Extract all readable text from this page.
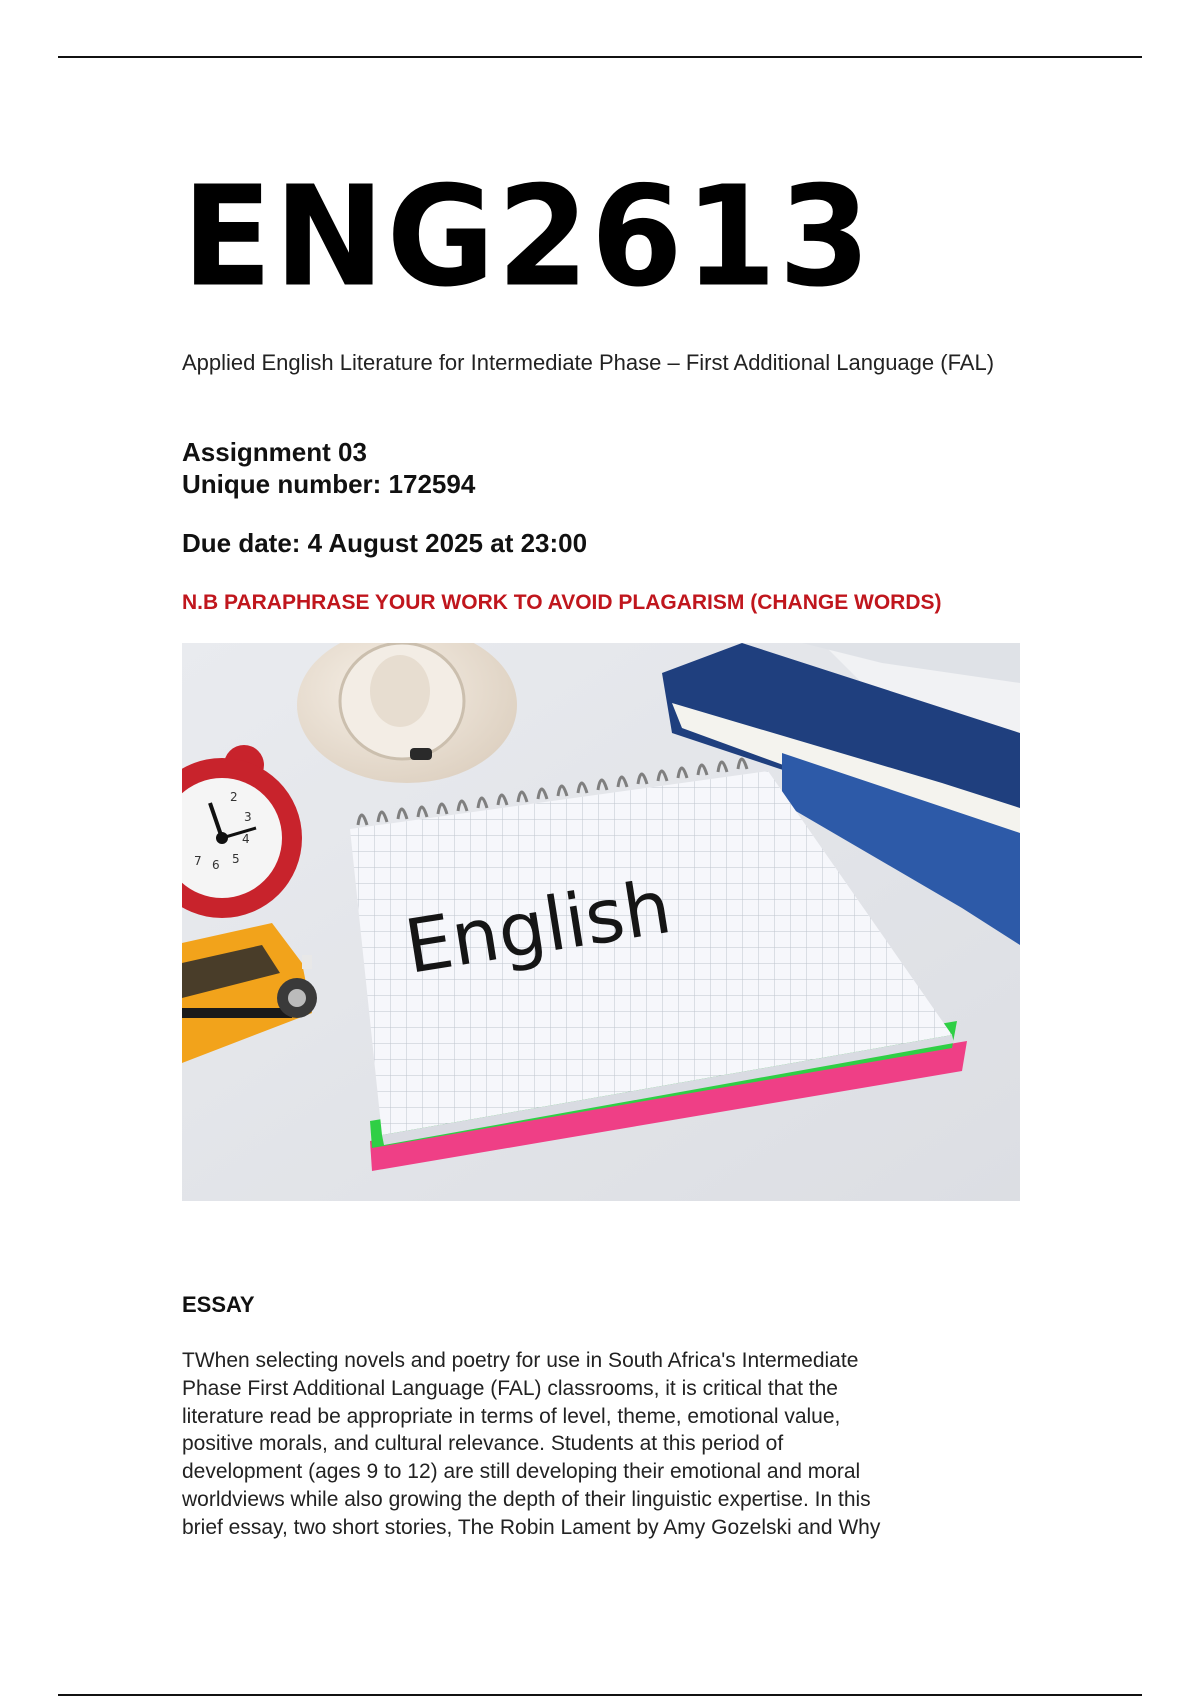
ENG2613
Applied English Literature for Intermediate Phase – First Additional Language (FAL)
Assignment 03
Unique number: 172594
Due date: 4 August 2025 at 23:00
N.B PARAPHRASE YOUR WORK TO AVOID PLAGARISM (CHANGE WORDS)
2
3
4
5
6
7
English
ESSAY
TWhen selecting novels and poetry for use in South Africa's Intermediate
Phase First Additional Language (FAL) classrooms, it is critical that the
literature read be appropriate in terms of level, theme, emotional value,
positive morals, and cultural relevance. Students at this period of
development (ages 9 to 12) are still developing their emotional and moral
worldviews while also growing the depth of their linguistic expertise. In this
brief essay, two short stories, The Robin Lament by Amy Gozelski and Why
